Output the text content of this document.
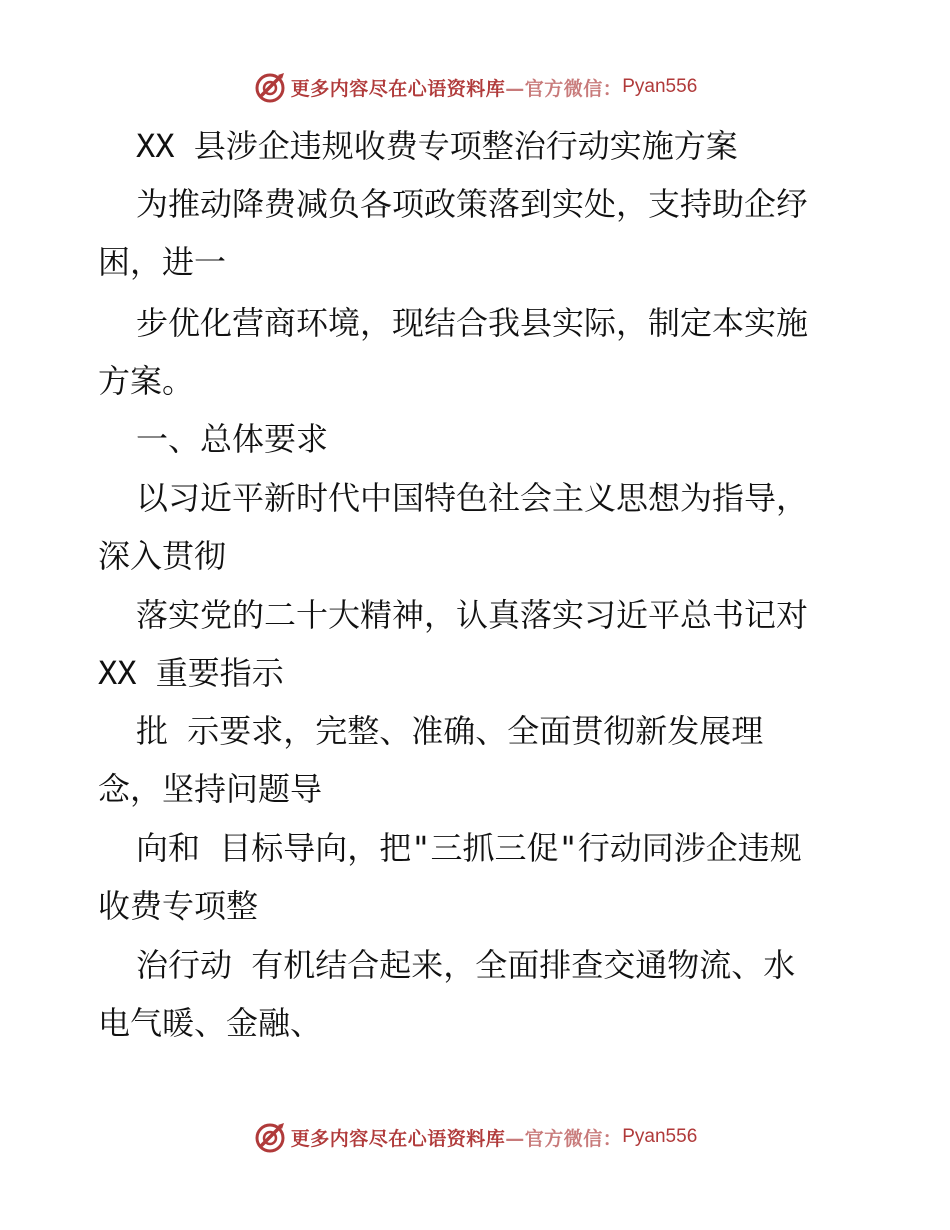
更多内容尽在心语资料库 —官方微信： Pyan556
XX 县涉企违规收费专项整治行动实施方案
为推动降费减负各项政策落到实处，支持助企纾
困，进一
步优化营商环境，现结合我县实际，制定本实施
方案。
一、总体要求
以习近平新时代中国特色社会主义思想为指导，
深入贯彻
落实党的二十大精神，认真落实习近平总书记对
XX 重要指示
批 示要求，完整、准确、全面贯彻新发展理
念，坚持问题导
向和 目标导向，把"三抓三促"行动同涉企违规
收费专项整
治行动 有机结合起来，全面排查交通物流、水
电气暖、金融、
更多内容尽在心语资料库 —官方微信： Pyan556
